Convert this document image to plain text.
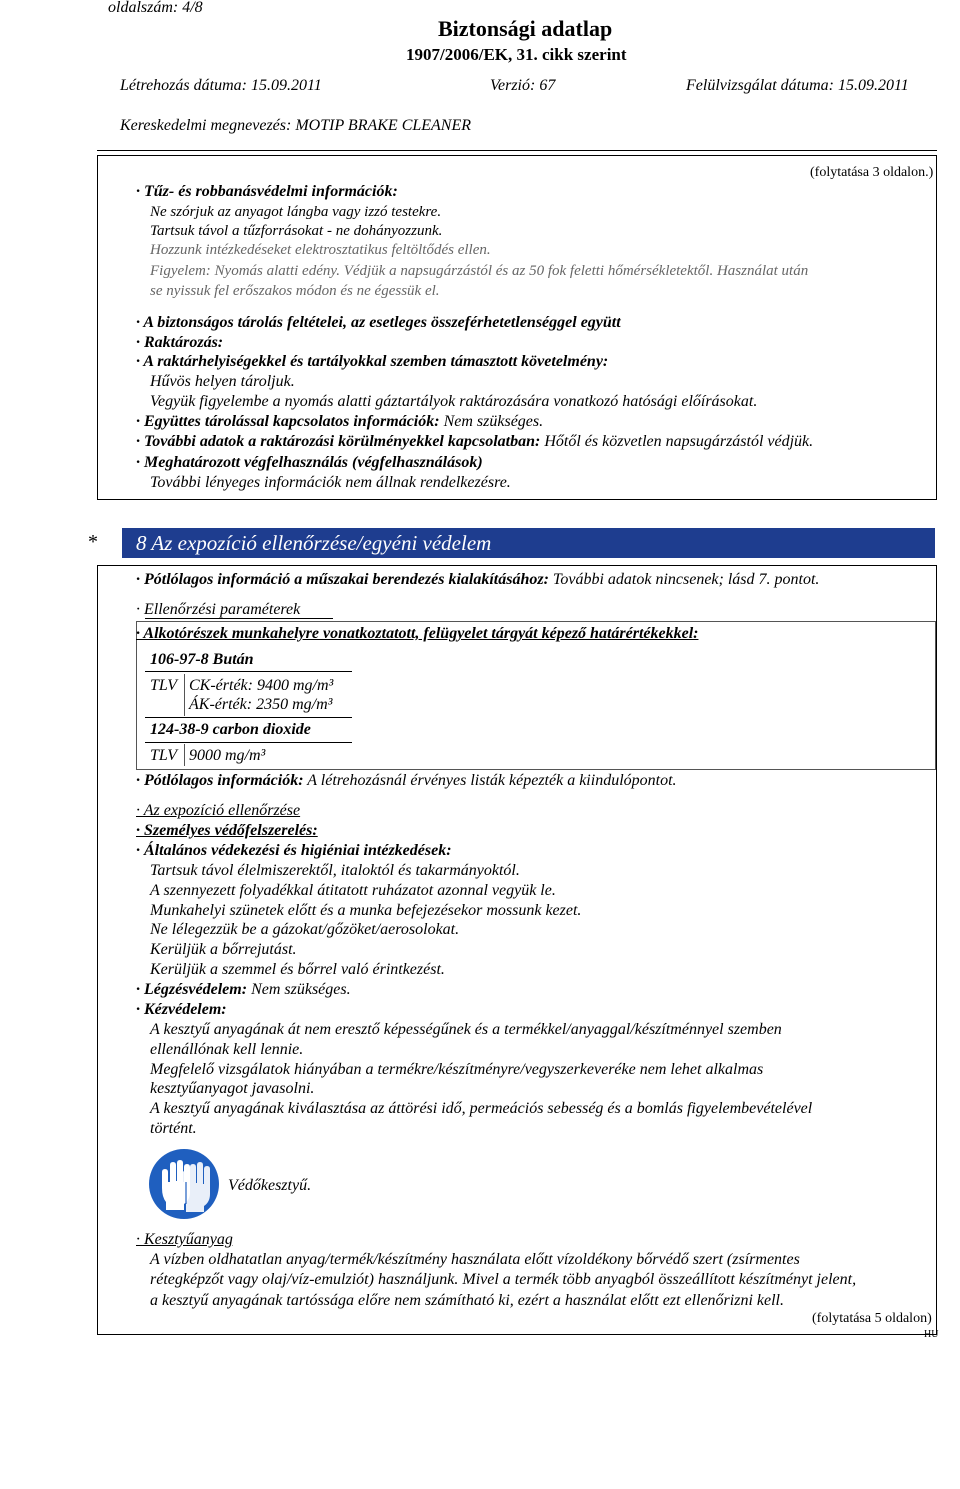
oldalszám: 4/8
Biztonsági adatlap
1907/2006/EK, 31. cikk szerint
Létrehozás dátuma: 15.09.2011	Verzió: 67	Felülvizsgálat dátuma: 15.09.2011
Kereskedelmi megnevezés: MOTIP BRAKE CLEANER
(folytatása 3 oldalon.)
· Tűz- és robbanásvédelmi információk:
Ne szórjuk az anyagot lángba vagy izzó testekre.
Tartsuk távol a tűzforrásokat - ne dohányozzunk.
Hozzunk intézkedéseket elektrosztatikus feltöltődés ellen.
Figyelem: Nyomás alatti edény. Védjük a napsugárzástól és az 50 fok feletti hőmérsékletektől. Használat után
se nyissuk fel erőszakos módon és ne égessük el.
· A biztonságos tárolás feltételei, az esetleges összeférhetetlenséggel együtt
· Raktározás:
· A raktárhelyiségekkel és tartályokkal szemben támasztott követelmény:
Hűvös helyen tároljuk.
Vegyük figyelembe a nyomás alatti gáztartályok raktározására vonatkozó hatósági előírásokat.
· Együttes tárolással kapcsolatos információk: Nem szükséges.
· További adatok a raktározási körülményekkel kapcsolatban: Hőtől és közvetlen napsugárzástól védjük.
· Meghatározott végfelhasználás (végfelhasználások)
További lényeges információk nem állnak rendelkezésre.
*	8 Az expozíció ellenőrzése/egyéni védelem
· Pótlólagos információ a műszakai berendezés kialakításához: További adatok nincsenek; lásd 7. pontot.
· Ellenőrzési paraméterek
· Alkotórészek munkahelyre vonatkoztatott, felügyelet tárgyát képező határértékekkel:
106-97-8 Bután
TLV CK-érték: 9400 mg/m³
ÁK-érték: 2350 mg/m³
124-38-9 carbon dioxide
TLV 9000 mg/m³
· Pótlólagos információk: A létrehozásnál érvényes listák képezték a kiindulópontot.
· Az expozíció ellenőrzése
· Személyes védőfelszerelés:
· Általános védekezési és higiéniai intézkedések:
Tartsuk távol élelmiszerektől, italoktól és takarmányoktól.
A szennyezett folyadékkal átitatott ruházatot azonnal vegyük le.
Munkahelyi szünetek előtt és a munka befejezésekor mossunk kezet.
Ne lélegezzük be a gázokat/gőzöket/aerosolokat.
Kerüljük a bőrrejutást.
Kerüljük a szemmel és bőrrel való érintkezést.
· Légzésvédelem: Nem szükséges.
· Kézvédelem:
A kesztyű anyagának át nem eresztő képességűnek és a termékkel/anyaggal/készítménnyel szemben
ellenállónak kell lennie.
Megfelelő vizsgálatok hiányában a termékre/készítményre/vegyszerkeveréke nem lehet alkalmas
kesztyűanyagot javasolni.
A kesztyű anyagának kiválasztása az áttörési idő, permeációs sebesség és a bomlás figyelembevételével
történt.
Védőkesztyű.
· Kesztyűanyag
A vízben oldhatatlan anyag/termék/készítmény használata előtt vízoldékony bőrvédő szert (zsírmentes
rétegképzőt vagy olaj/víz-emulziót) használjunk. Mivel a termék több anyagból összeállított készítményt jelent,
a kesztyű anyagának tartóssága előre nem számítható ki, ezért a használat előtt ezt ellenőrizni kell.
(folytatása 5 oldalon)
HU
